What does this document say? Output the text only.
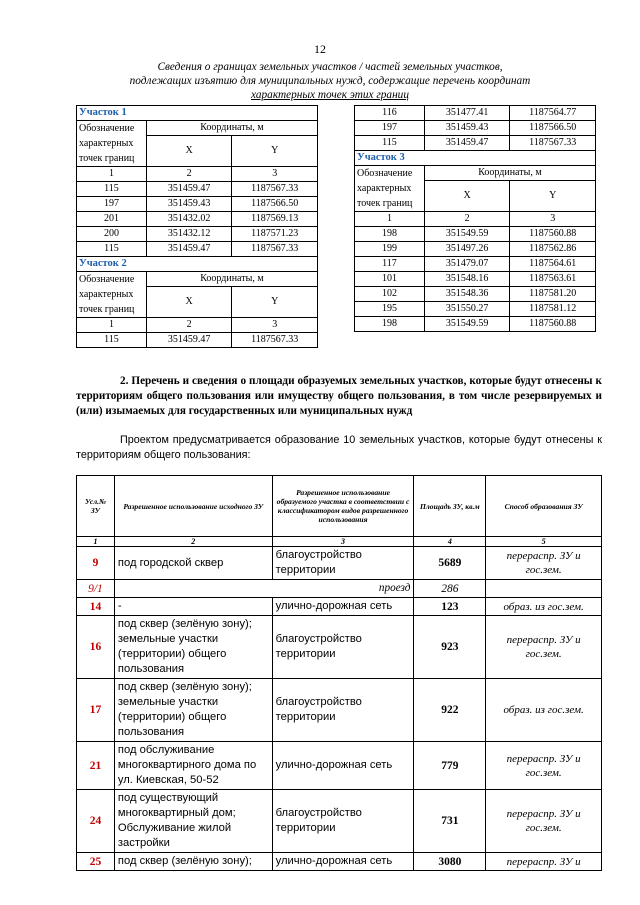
12
Сведения о границах земельных участков / частей земельных участков,
подлежащих изъятию для муниципальных нужд, содержащие перечень координат
характерных точек этих границ
Участок 1		

Обозначение
характерных
точек границ	Координаты, м	
	X	Y

1	2	3
115	351459.47	1187567.33
197	351459.43	1187566.50
201	351432.02	1187569.13
200	351432.12	1187571.23
115	351459.47	1187567.33
Участок 2		

Обозначение
характерных
точек границ	Координаты, м	
	X	Y

1	2	3
115	351459.47	1187567.33
116	351477.41	1187564.77
197	351459.43	1187566.50
115	351459.47	1187567.33
Участок 3		

Обозначение
характерных
точек границ	Координаты, м	
	X	Y

1	2	3
198	351549.59	1187560.88
199	351497.26	1187562.86
117	351479.07	1187564.61
101	351548.16	1187563.61
102	351548.36	1187581.20
195	351550.27	1187581.12
198	351549.59	1187560.88

2. Перечень и сведения о площади образуемых земельных участков, которые будут отнесены к территориям общего пользования или имуществу общего пользования, в том числе резервируемых и (или) изымаемых для государственных или муниципальных нужд

Проектом предусматривается образование 10 земельных участков, которые будут отнесены к территориям общего пользования:

Усл.№ ЗУ	Разрешенное использование исходного ЗУ	Разрешенное использование образуемого участка в соответствии с классификатором видов разрешенного использования	Площадь ЗУ, кв.м	Способ образования ЗУ
1	2	3	4	5
9	под городской сквер	благоустройство территории	5689	перераспр. ЗУ и гос.зем.
9/1	проезд		286	
14	-	улично-дорожная сеть	123	образ. из гос.зем.
16	под сквер (зелёную зону); земельные участки (территории) общего пользования	благоустройство территории	923	перераспр. ЗУ и гос.зем.
17	под сквер (зелёную зону); земельные участки (территории) общего пользования	благоустройство территории	922	образ. из гос.зем.
21	под обслуживание многоквартирного дома по ул. Киевская, 50-52	улично-дорожная сеть	779	перераспр. ЗУ и гос.зем.
24	под существующий многоквартирный дом; Обслуживание жилой застройки	благоустройство территории	731	перераспр. ЗУ и гос.зем.
25	под сквер (зелёную зону);	улично-дорожная сеть	3080	перераспр. ЗУ и
